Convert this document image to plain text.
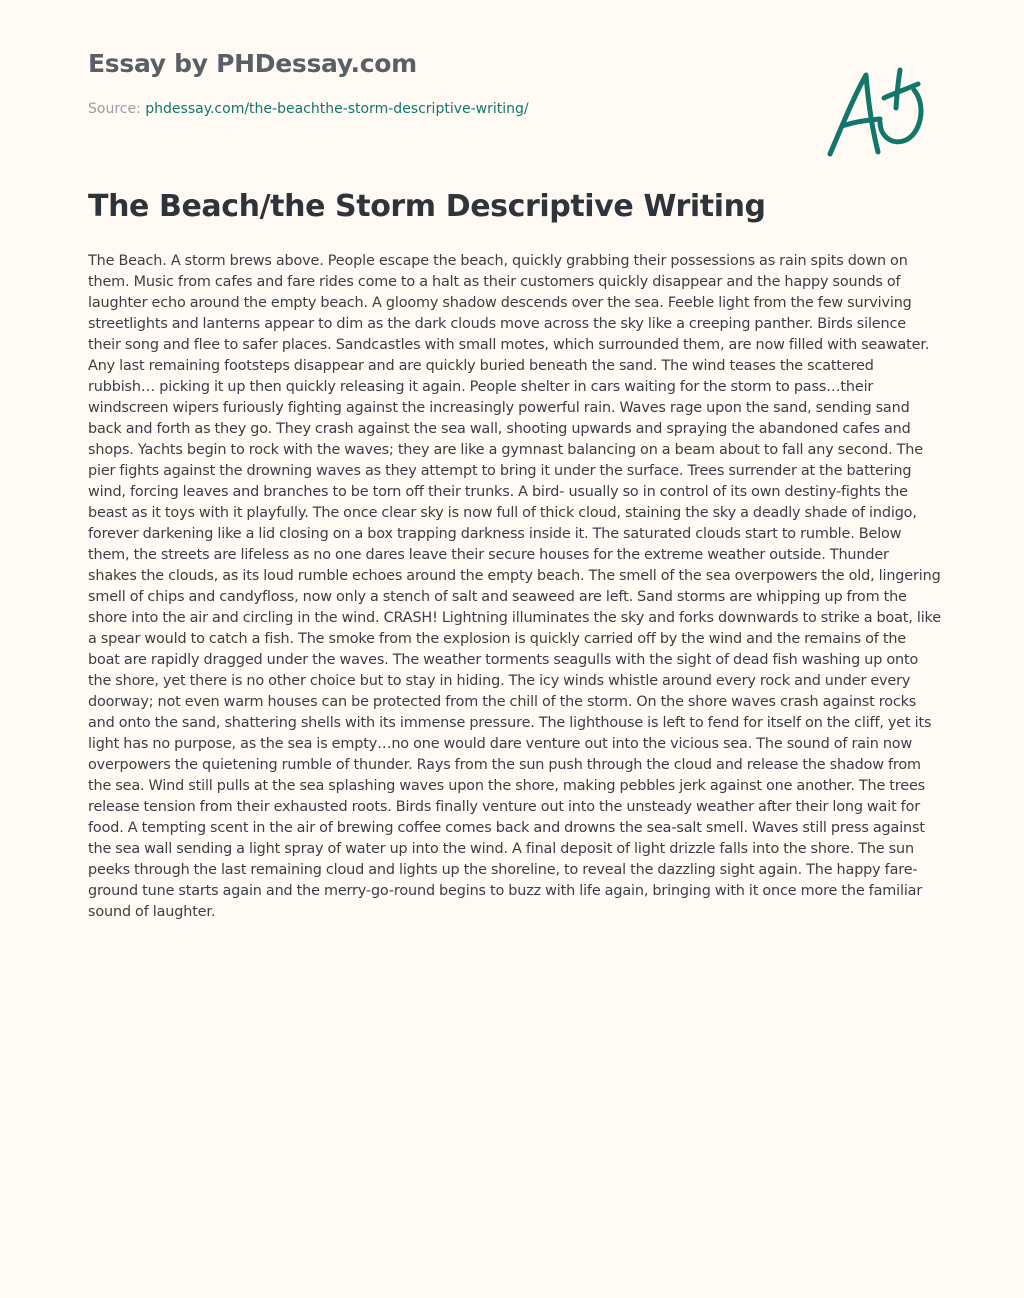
Essay by PHDessay.com
Source: phdessay.com/the-beachthe-storm-descriptive-writing/
The Beach/the Storm Descriptive Writing

The Beach. A storm brews above. People escape the beach, quickly grabbing their possessions as rain spits down on them. Music from cafes and fare rides come to a halt as their customers quickly disappear and the happy sounds of laughter echo around the empty beach. A gloomy shadow descends over the sea. Feeble light from the few surviving streetlights and lanterns appear to dim as the dark clouds move across the sky like a creeping panther. Birds silence their song and flee to safer places. Sandcastles with small motes, which surrounded them, are now filled with seawater. Any last remaining footsteps disappear and are quickly buried beneath the sand. The wind teases the scattered rubbish… picking it up then quickly releasing it again. People shelter in cars waiting for the storm to pass…their windscreen wipers furiously fighting against the increasingly powerful rain. Waves rage upon the sand, sending sand back and forth as they go. They crash against the sea wall, shooting upwards and spraying the abandoned cafes and shops. Yachts begin to rock with the waves; they are like a gymnast balancing on a beam about to fall any second. The pier fights against the drowning waves as they attempt to bring it under the surface. Trees surrender at the battering wind, forcing leaves and branches to be torn off their trunks. A bird- usually so in control of its own destiny-fights the beast as it toys with it playfully. The once clear sky is now full of thick cloud, staining the sky a deadly shade of indigo, forever darkening like a lid closing on a box trapping darkness inside it. The saturated clouds start to rumble. Below them, the streets are lifeless as no one dares leave their secure houses for the extreme weather outside. Thunder shakes the clouds, as its loud rumble echoes around the empty beach. The smell of the sea overpowers the old, lingering smell of chips and candyfloss, now only a stench of salt and seaweed are left. Sand storms are whipping up from the shore into the air and circling in the wind. CRASH! Lightning illuminates the sky and forks downwards to strike a boat, like a spear would to catch a fish. The smoke from the explosion is quickly carried off by the wind and the remains of the boat are rapidly dragged under the waves. The weather torments seagulls with the sight of dead fish washing up onto the shore, yet there is no other choice but to stay in hiding. The icy winds whistle around every rock and under every doorway; not even warm houses can be protected from the chill of the storm. On the shore waves crash against rocks and onto the sand, shattering shells with its immense pressure. The lighthouse is left to fend for itself on the cliff, yet its light has no purpose, as the sea is empty…no one would dare venture out into the vicious sea. The sound of rain now overpowers the quietening rumble of thunder. Rays from the sun push through the cloud and release the shadow from the sea. Wind still pulls at the sea splashing waves upon the shore, making pebbles jerk against one another. The trees release tension from their exhausted roots. Birds finally venture out into the unsteady weather after their long wait for food. A tempting scent in the air of brewing coffee comes back and drowns the sea-salt smell. Waves still press against the sea wall sending a light spray of water up into the wind. A final deposit of light drizzle falls into the shore. The sun peeks through the last remaining cloud and lights up the shoreline, to reveal the dazzling sight again. The happy fare-ground tune starts again and the merry-go-round begins to buzz with life again, bringing with it once more the familiar sound of laughter.
